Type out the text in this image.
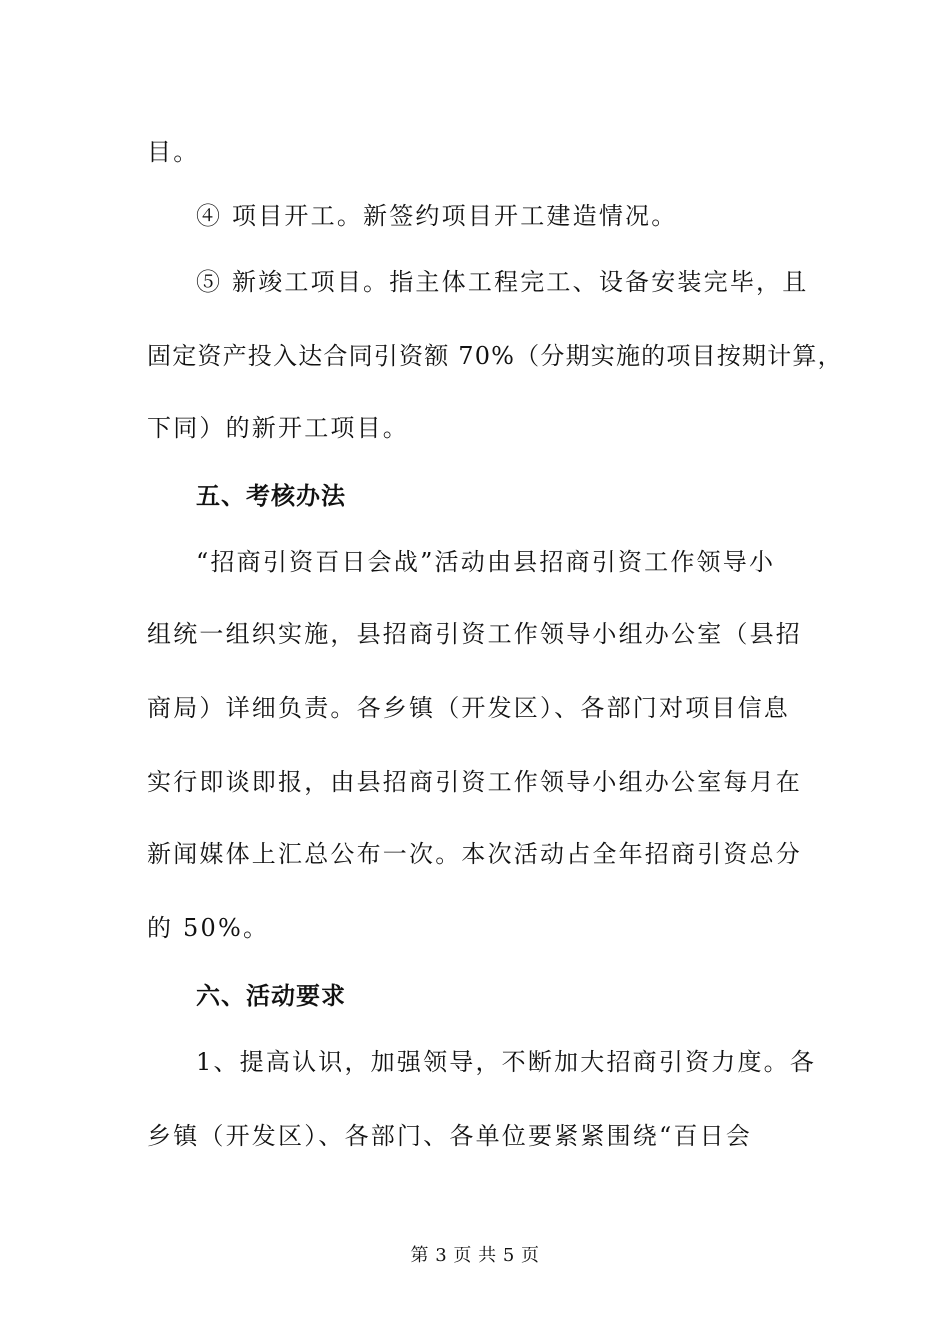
目。
④ 项目开工。新签约项目开工建造情况。
⑤ 新竣工项目。指主体工程完工、设备安装完毕，且
固定资产投入达合同引资额 70%（分期实施的项目按期计算，
下同）的新开工项目。
五、考核办法
“招商引资百日会战”活动由县招商引资工作领导小
组统一组织实施，县招商引资工作领导小组办公室（县招
商局）详细负责。各乡镇（开发区）、各部门对项目信息
实行即谈即报，由县招商引资工作领导小组办公室每月在
新闻媒体上汇总公布一次。本次活动占全年招商引资总分
的 50%。
六、活动要求
1、提高认识，加强领导，不断加大招商引资力度。各
乡镇（开发区）、各部门、各单位要紧紧围绕“百日会
第 3 页 共 5 页
